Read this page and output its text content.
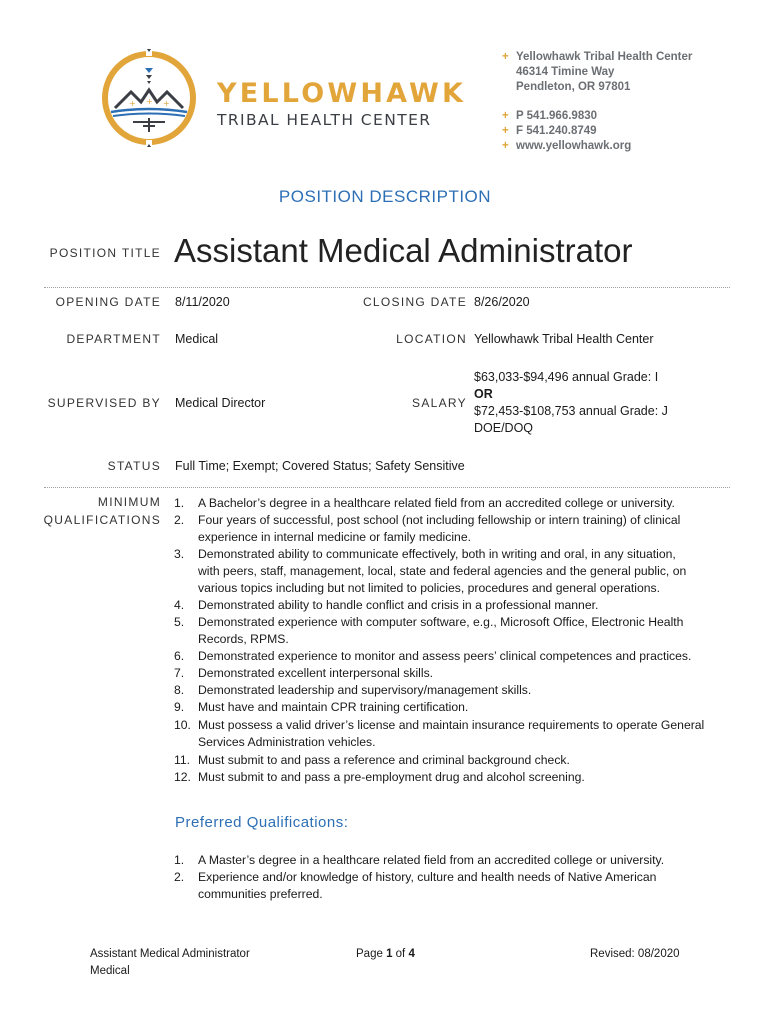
+ + + YELLOWHAWK
TRIBAL HEALTH CENTER
+ Yellowhawk Tribal Health Center
46314 Timine Way
Pendleton, OR 97801
+ P 541.966.9830
+ F 541.240.8749
+ www.yellowhawk.org
POSITION DESCRIPTION
POSITION TITLE Assistant Medical Administrator
OPENING DATE 8/11/2020	CLOSING DATE 8/26/2020
DEPARTMENT Medical	LOCATION Yellowhawk Tribal Health Center
SUPERVISED BY Medical Director	SALARY
$63,033-$94,496 annual Grade: I
OR
$72,453-$108,753 annual Grade: J
DOE/DOQ
STATUS Full Time; Exempt; Covered Status; Safety Sensitive
MINIMUM
QUALIFICATIONS
1. A Bachelor’s degree in a healthcare related field from an accredited college or university.
2. Four years of successful, post school (not including fellowship or intern training) of clinical
experience in internal medicine or family medicine.
3. Demonstrated ability to communicate effectively, both in writing and oral, in any situation,
with peers, staff, management, local, state and federal agencies and the general public, on
various topics including but not limited to policies, procedures and general operations.
4. Demonstrated ability to handle conflict and crisis in a professional manner.
5. Demonstrated experience with computer software, e.g., Microsoft Office, Electronic Health
Records, RPMS.
6. Demonstrated experience to monitor and assess peers’ clinical competences and practices.
7. Demonstrated excellent interpersonal skills.
8. Demonstrated leadership and supervisory/management skills.
9. Must have and maintain CPR training certification.
10. Must possess a valid driver’s license and maintain insurance requirements to operate General
Services Administration vehicles.
11. Must submit to and pass a reference and criminal background check.
12. Must submit to and pass a pre-employment drug and alcohol screening.
Preferred Qualifications:
1. A Master’s degree in a healthcare related field from an accredited college or university.
2. Experience and/or knowledge of history, culture and health needs of Native American
communities preferred.
Assistant Medical Administrator
Medical
Page 1 of 4	Revised: 08/2020
